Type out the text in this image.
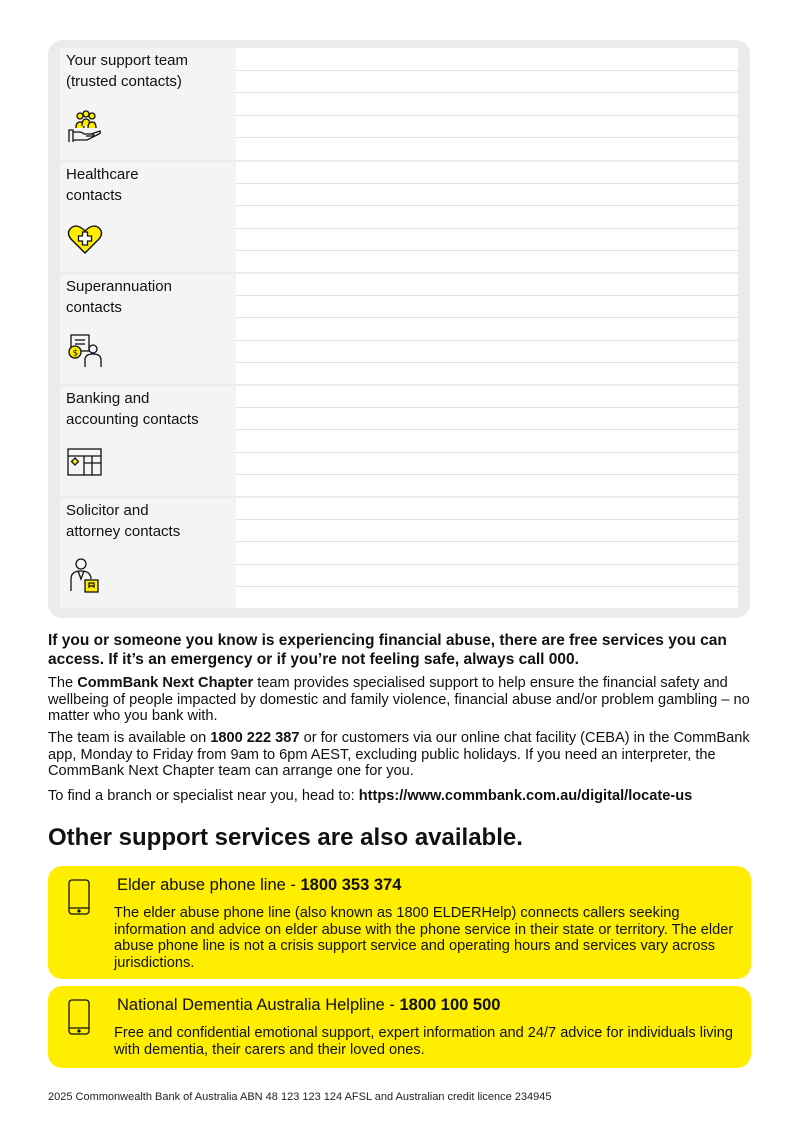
Your support team
(trusted contacts)
Healthcare
contacts
Superannuation
contacts
$
Banking and
accounting contacts
Solicitor and
attorney contacts

If you or someone you know is experiencing financial abuse, there are free services you can access. If it’s an emergency or if you’re not feeling safe, always call 000.

The CommBank Next Chapter team provides specialised support to help ensure the financial safety and wellbeing of people impacted by domestic and family violence, financial abuse and/or problem gambling – no matter who you bank with.

The team is available on 1800 222 387 or for customers via our online chat facility (CEBA) in the CommBank app, Monday to Friday from 9am to 6pm AEST, excluding public holidays. If you need an interpreter, the CommBank Next Chapter team can arrange one for you.

To find a branch or specialist near you, head to: https://www.commbank.com.au/digital/locate-us

Other support services are also available.
Elder abuse phone line - 1800 353 374

The elder abuse phone line (also known as 1800 ELDERHelp) connects callers seeking information and advice on elder abuse with the phone service in their state or territory. The elder abuse phone line is not a crisis support service and operating hours and services vary across jurisdictions.

National Dementia Australia Helpline - 1800 100 500

Free and confidential emotional support, expert information and 24/7 advice for individuals living with dementia, their carers and their loved ones.

2025 Commonwealth Bank of Australia ABN 48 123 123 124 AFSL and Australian credit licence 234945
